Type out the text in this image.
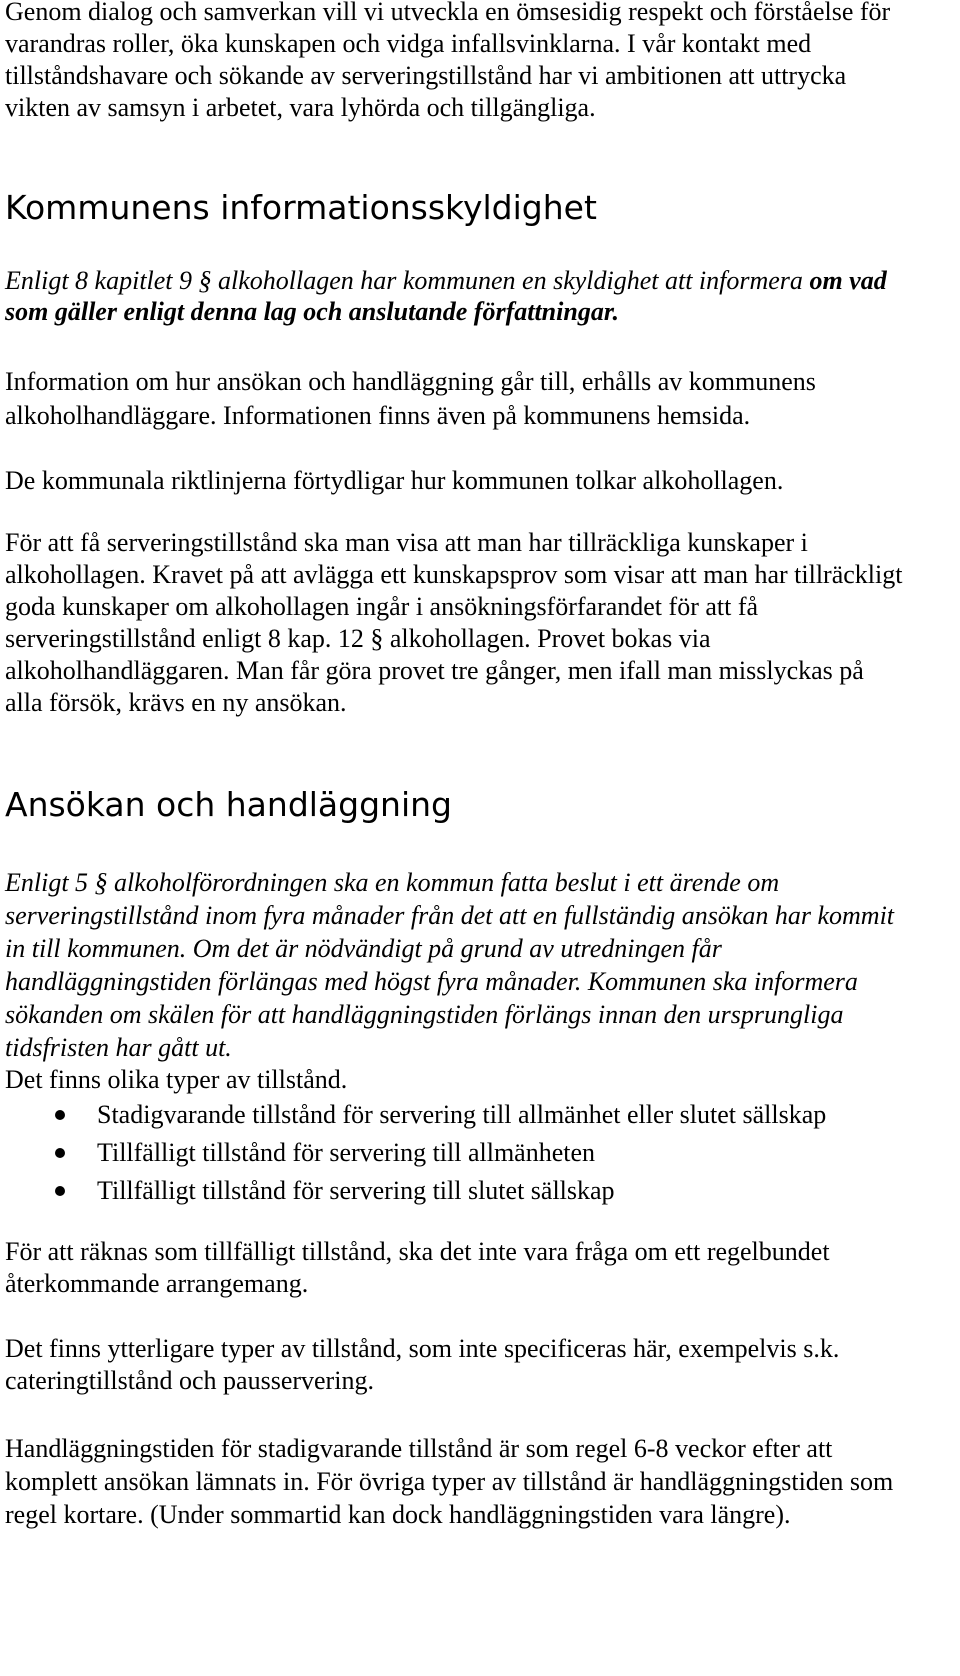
Genom dialog och samverkan vill vi utveckla en ömsesidig respekt och förståelse för varandras roller, öka kunskapen och vidga infallsvinklarna. I vår kontakt med tillståndshavare och sökande av serveringstillstånd har vi ambitionen att uttrycka vikten av samsyn i arbetet, vara lyhörda och tillgängliga.

Kommunens informationsskyldighet

Enligt 8 kapitlet 9 § alkohollagen har kommunen en skyldighet att informera om vad som gäller enligt denna lag och anslutande författningar.

Information om hur ansökan och handläggning går till, erhålls av kommunens alkoholhandläggare. Informationen finns även på kommunens hemsida.

De kommunala riktlinjerna förtydligar hur kommunen tolkar alkohollagen.

För att få serveringstillstånd ska man visa att man har tillräckliga kunskaper i alkohollagen. Kravet på att avlägga ett kunskapsprov som visar att man har tillräckligt goda kunskaper om alkohollagen ingår i ansökningsförfarandet för att få serveringstillstånd enligt 8 kap. 12 § alkohollagen. Provet bokas via alkoholhandläggaren. Man får göra provet tre gånger, men ifall man misslyckas på alla försök, krävs en ny ansökan.

Ansökan och handläggning

Enligt 5 § alkoholförordningen ska en kommun fatta beslut i ett ärende om serveringstillstånd inom fyra månader från det att en fullständig ansökan har kommit in till kommunen. Om det är nödvändigt på grund av utredningen får handläggningstiden förlängas med högst fyra månader. Kommunen ska informera sökanden om skälen för att handläggningstiden förlängs innan den ursprungliga tidsfristen har gått ut.

Det finns olika typer av tillstånd.

Stadigvarande tillstånd för servering till allmänhet eller slutet sällskap
Tillfälligt tillstånd för servering till allmänheten
Tillfälligt tillstånd för servering till slutet sällskap

För att räknas som tillfälligt tillstånd, ska det inte vara fråga om ett regelbundet återkommande arrangemang.

Det finns ytterligare typer av tillstånd, som inte specificeras här, exempelvis s.k. cateringtillstånd och pausservering.

Handläggningstiden för stadigvarande tillstånd är som regel 6-8 veckor efter att komplett ansökan lämnats in. För övriga typer av tillstånd är handläggningstiden som regel kortare. (Under sommartid kan dock handläggningstiden vara längre).
